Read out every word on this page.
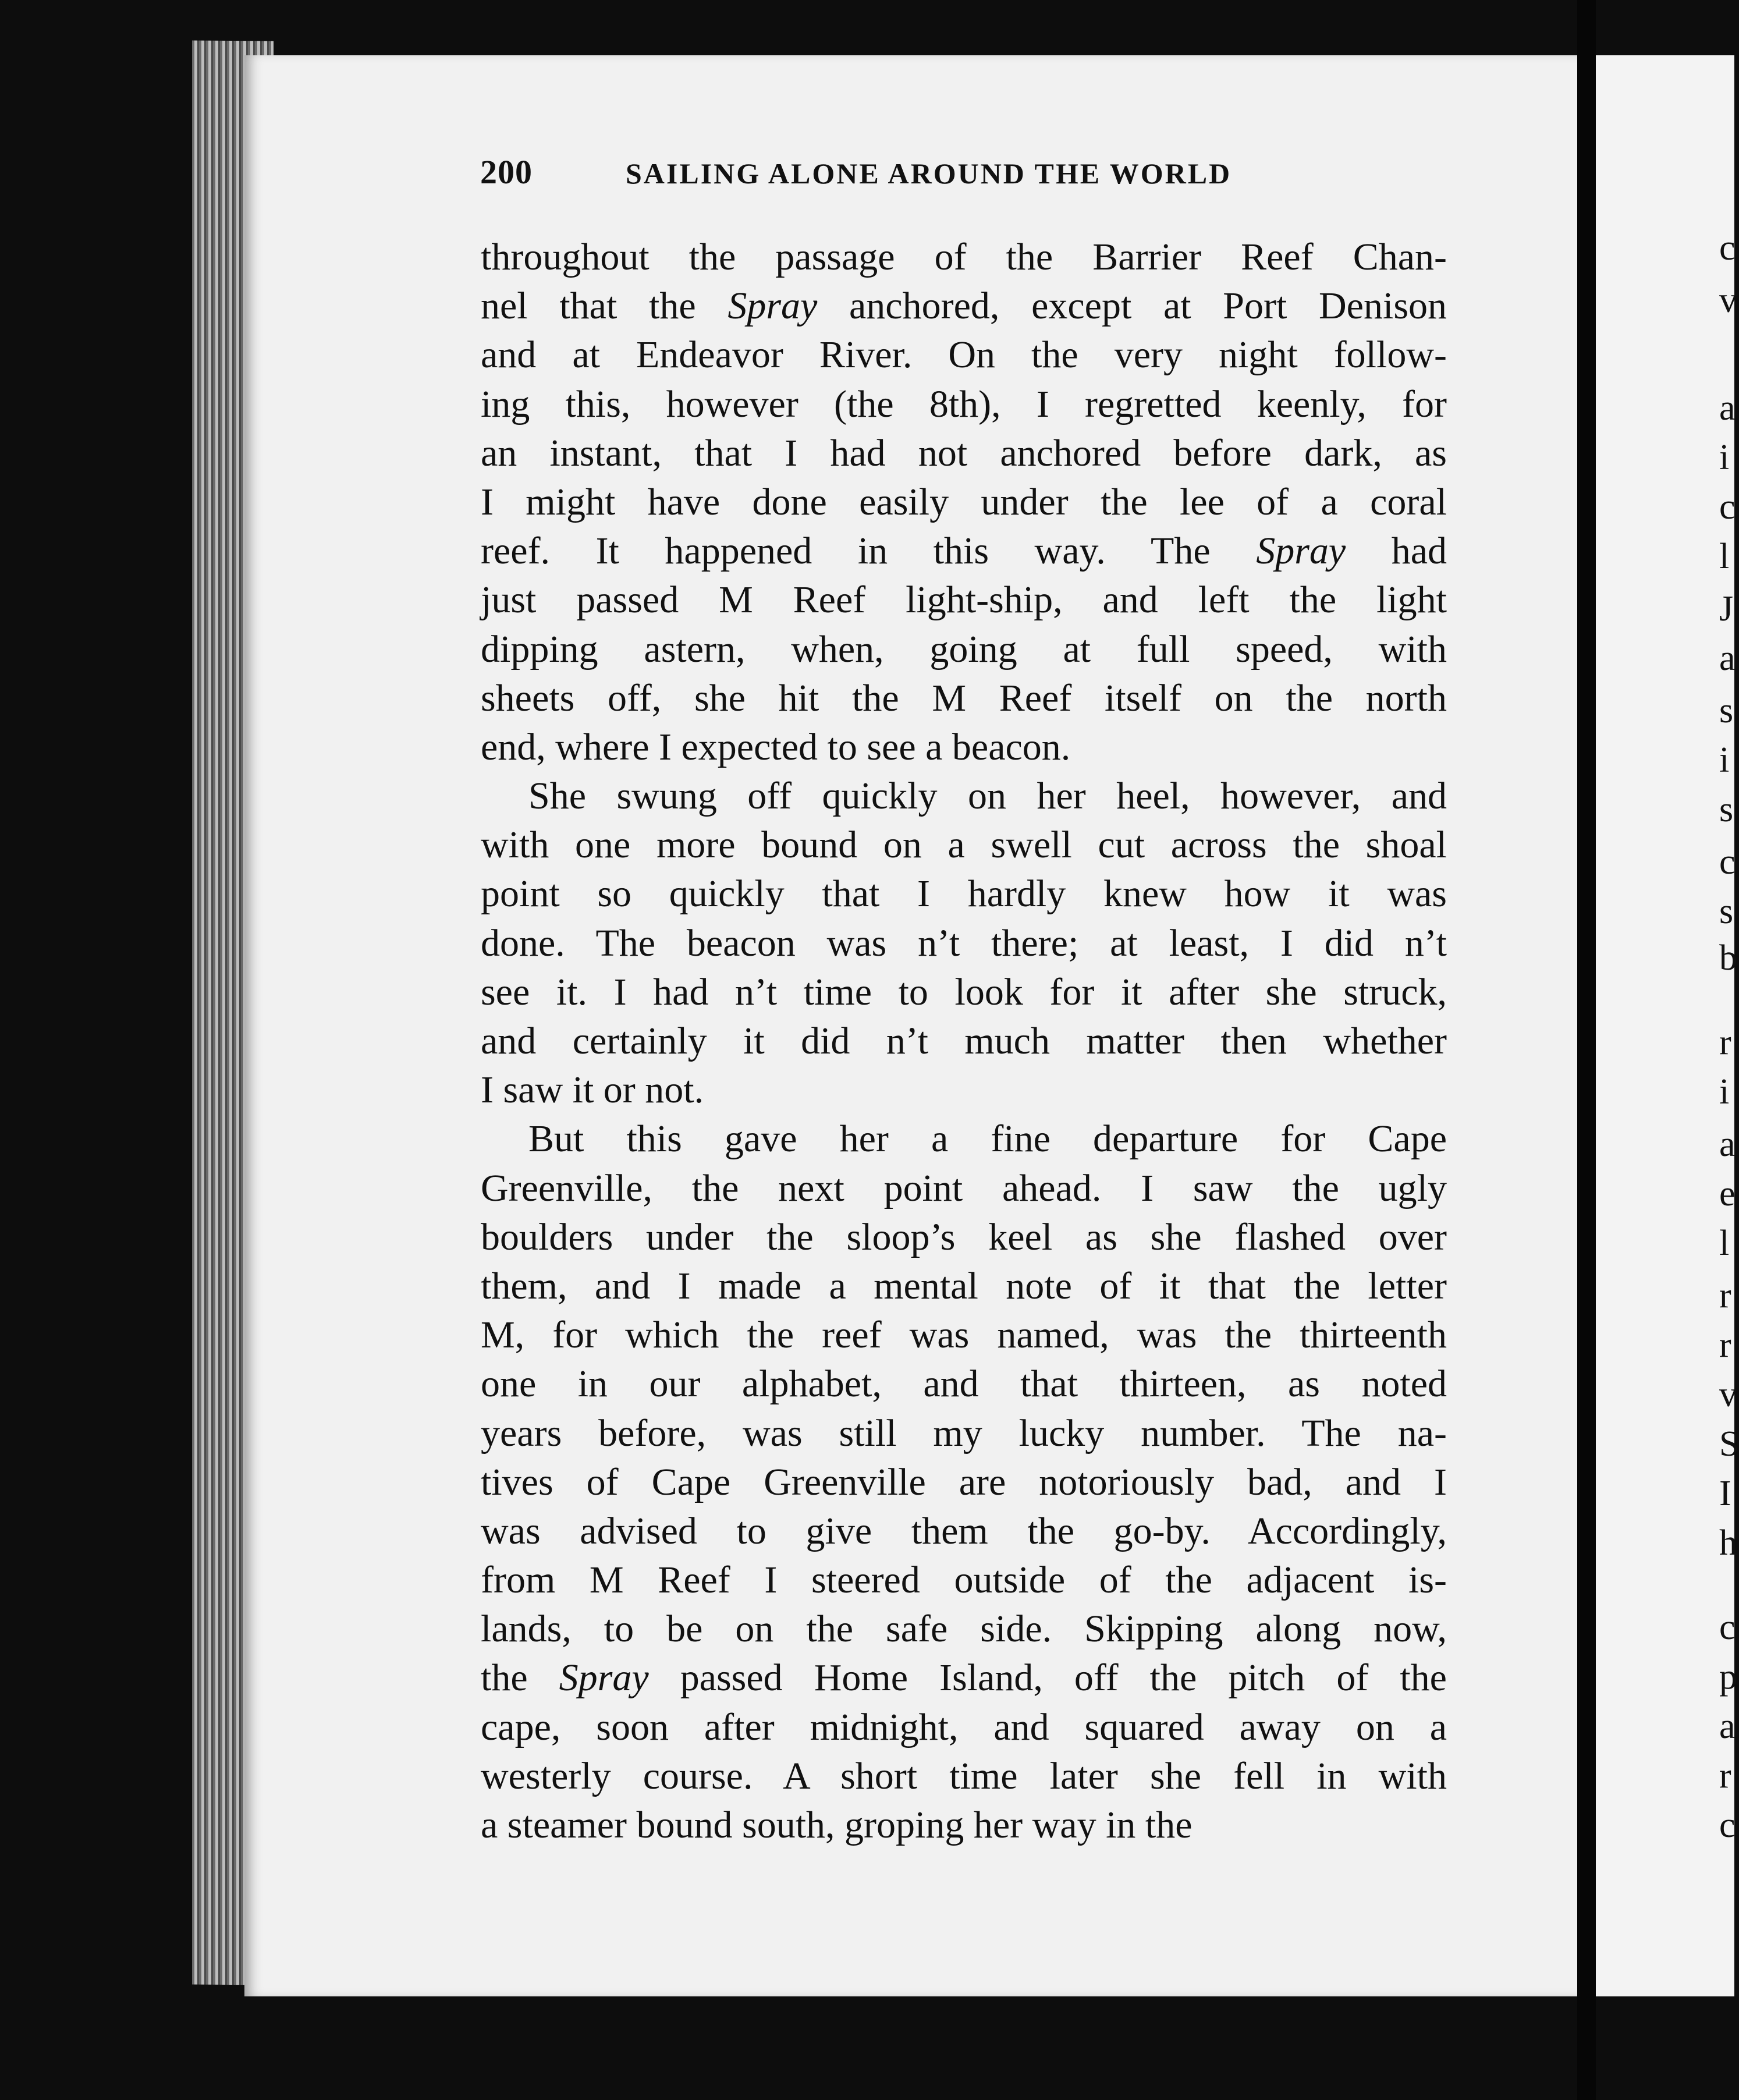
200	SAILING ALONE AROUND THE WORLD
throughout the passage of the Barrier Reef Chan-
nel that the Spray anchored, except at Port Denison
and at Endeavor River. On the very night follow-
ing this, however (the 8th), I regretted keenly, for
an instant, that I had not anchored before dark, as
I might have done easily under the lee of a coral
reef. It happened in this way. The Spray had
just passed M Reef light-ship, and left the light
dipping astern, when, going at full speed, with
sheets off, she hit the M Reef itself on the north
end, where I expected to see a beacon.
She swung off quickly on her heel, however, and
with one more bound on a swell cut across the shoal
point so quickly that I hardly knew how it was
done. The beacon was n’t there; at least, I did n’t
see it. I had n’t time to look for it after she struck,
and certainly it did n’t much matter then whether
I saw it or not.
But this gave her a fine departure for Cape
Greenville, the next point ahead. I saw the ugly
boulders under the sloop’s keel as she flashed over
them, and I made a mental note of it that the letter
M, for which the reef was named, was the thirteenth
one in our alphabet, and that thirteen, as noted
years before, was still my lucky number. The na-
tives of Cape Greenville are notoriously bad, and I
was advised to give them the go-by. Accordingly,
from M Reef I steered outside of the adjacent is-
lands, to be on the safe side. Skipping along now,
the Spray passed Home Island, off the pitch of the
cape, soon after midnight, and squared away on a
westerly course. A short time later she fell in with
a steamer bound south, groping her way in the
c
v
a
i
c
l
J
a
s
i
s
c
s
b
r
i
a
e
l
r
r
v
S
I
h
c
p
a
r
c
